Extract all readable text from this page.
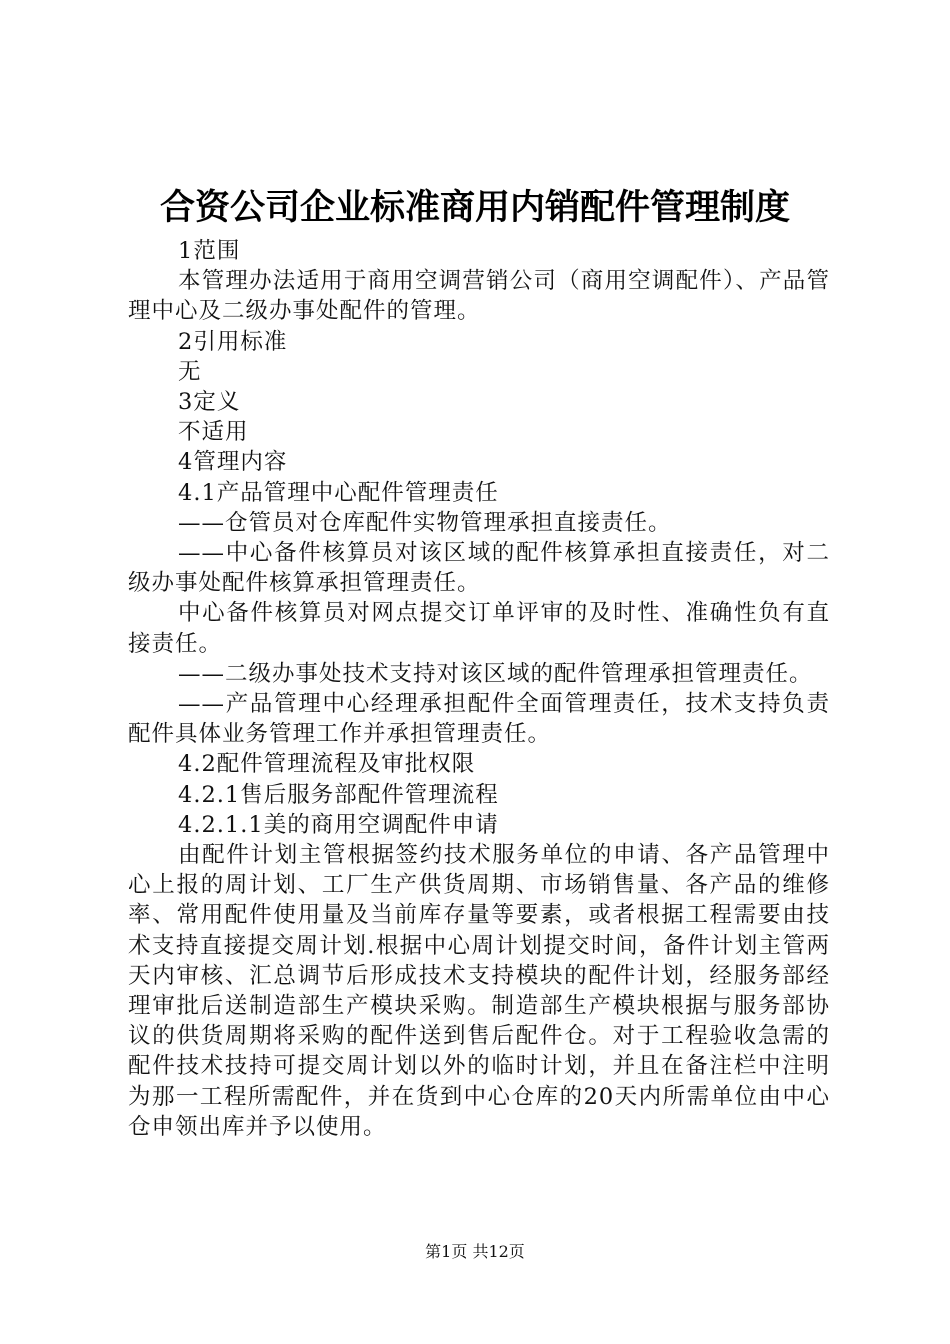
合资公司企业标准商用内销配件管理制度

1范围

本管理办法适用于商用空调营销公司（商用空调配件）、产品管理中心及二级办事处配件的管理。

2引用标准

无

3定义

不适用

4管理内容

4.1产品管理中心配件管理责任

——仓管员对仓库配件实物管理承担直接责任。

——中心备件核算员对该区域的配件核算承担直接责任，对二级办事处配件核算承担管理责任。

中心备件核算员对网点提交订单评审的及时性、准确性负有直接责任。

——二级办事处技术支持对该区域的配件管理承担管理责任。

——产品管理中心经理承担配件全面管理责任，技术支持负责配件具体业务管理工作并承担管理责任。

4.2配件管理流程及审批权限

4.2.1售后服务部配件管理流程

4.2.1.1美的商用空调配件申请

由配件计划主管根据签约技术服务单位的申请、各产品管理中心上报的周计划、工厂生产供货周期、市场销售量、各产品的维修率、常用配件使用量及当前库存量等要素，或者根据工程需要由技术支持直接提交周计划.根据中心周计划提交时间，备件计划主管两天内审核、汇总调节后形成技术支持模块的配件计划，经服务部经理审批后送制造部生产模块采购。制造部生产模块根据与服务部协议的供货周期将采购的配件送到售后配件仓。对于工程验收急需的配件技术技持可提交周计划以外的临时计划，并且在备注栏中注明为那一工程所需配件，并在货到中心仓库的20天内所需单位由中心仓申领出库并予以使用。

第1页 共12页
